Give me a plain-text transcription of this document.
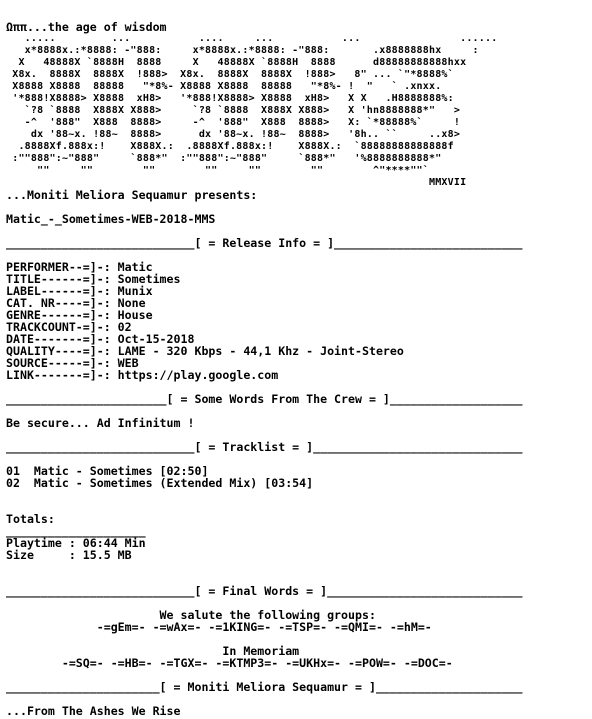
Ωππ...the age of wisdom
.....         ...           ....     ...           ...                ......
x*8888x.:*8888: -"888:     x*8888x.:*8888: -"888:       .x8888888hx     :
X   48888X `8888H  8888     X   48888X `8888H  8888      d88888888888hxx
X8x.  8888X  8888X  !888>  X8x.  8888X  8888X  !888>   8" ... `"*8888%`
X8888 X8888  88888   "*8%- X8888 X8888  88888   "*8%- !  "   ` .xnxx.
'*888!X8888> X8888  xH8>   '*888!X8888> X8888  xH8>   X X   .H8888888%:
`?8 `8888  X888X X888>     `?8 `8888  X888X X888>   X 'hn8888888*"   >
-^  '888"  X888  8888>     -^  '888"  X888  8888>   X: `*88888%`     !
dx '88~x. !88~  8888>      dx '88~x. !88~  8888>   '8h.. ``     ..x8>
.8888Xf.888x:!    X888X.:  .8888Xf.888x:!    X888X.:  `88888888888888f
:""888":~"888"     `888*"  :""888":~"888"     `888*"   '%8888888888*"
""     ""        ""        ""     ""        ""        ^"****""`
MMXVII
...Moniti Meliora Sequamur presents:
Matic_-_Sometimes-WEB-2018-MMS
___________________________[ = Release Info = ]___________________________
PERFORMER--=]-: Matic
TITLE------=]-: Sometimes
LABEL------=]-: Munix
CAT. NR----=]-: None
GENRE------=]-: House
TRACKCOUNT-=]-: 02
DATE-------=]-: Oct-15-2018
QUALITY----=]-: LAME - 320 Kbps - 44,1 Khz - Joint-Stereo
SOURCE-----=]-: WEB
LINK-------=]-: https://play.google.com
_______________________[ = Some Words From The Crew = ]___________________
Be secure... Ad Infinitum !
___________________________[ = Tracklist = ]______________________________
01  Matic - Sometimes [02:50]
02  Matic - Sometimes (Extended Mix) [03:54]
Totals:
____________________
Playtime : 06:44 Min
Size     : 15.5 MB
___________________________[ = Final Words = ]____________________________
We salute the following groups:
-=gEm=- -=wAx=- -=1KING=- -=TSP=- -=QMI=- -=hM=-
In Memoriam
-=SQ=- -=HB=- -=TGX=- -=KTMP3=- -=UKHx=- -=POW=- -=DOC=-
______________________[ = Moniti Meliora Sequamur = ]_____________________
...From The Ashes We Rise
